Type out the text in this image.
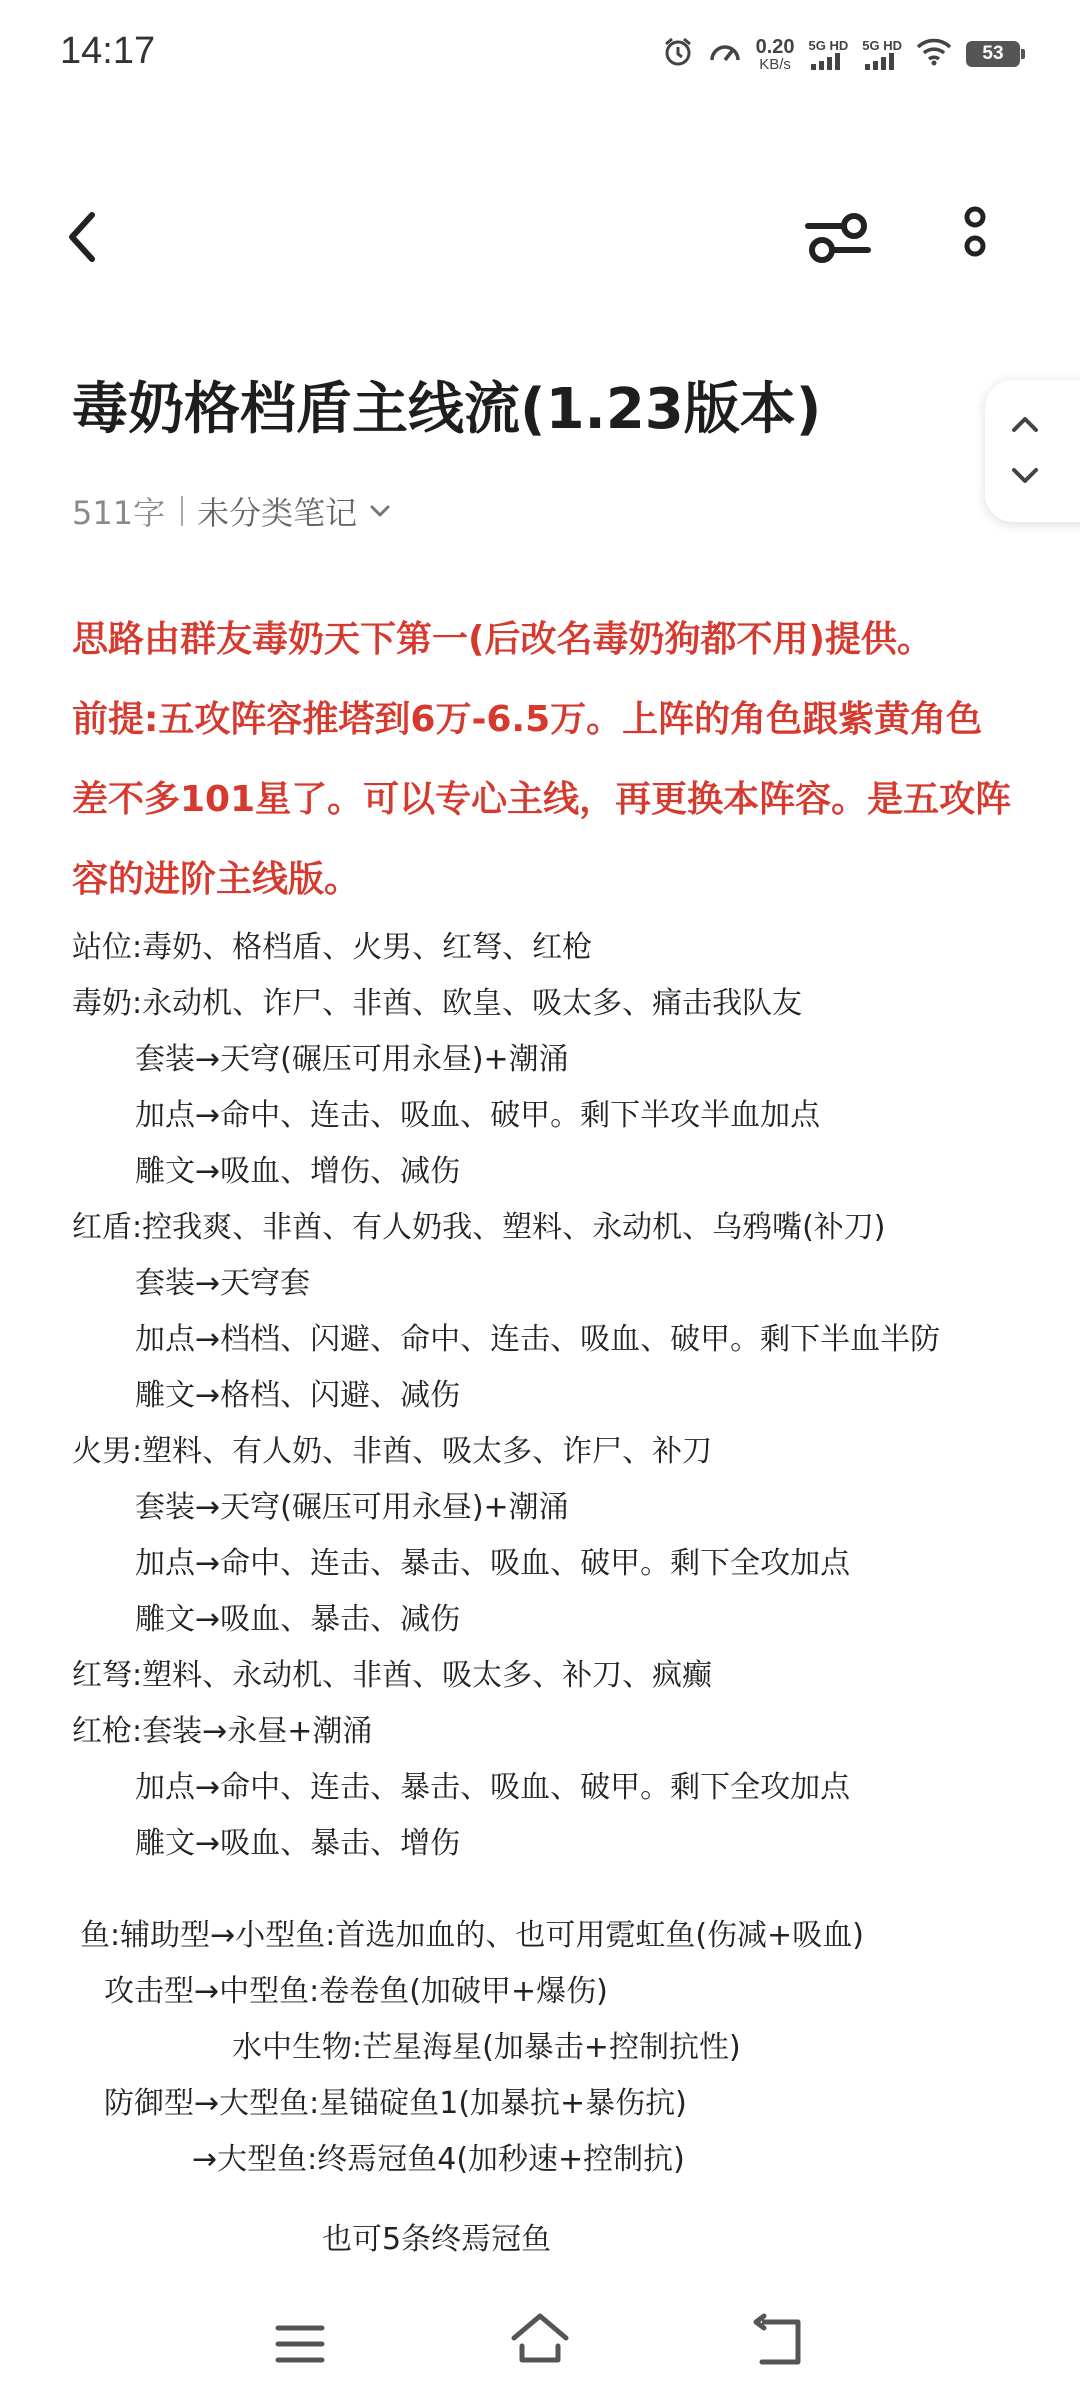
14:17	0.20
KB/s
5G HD 5G HD	53
毒奶格档盾主线流(1.23版本)
511字 未分类笔记
思路由群友毒奶天下第一(后改名毒奶狗都不用)提供。
前提:五攻阵容推塔到6万-6.5万。上阵的角色跟紫黄角色差不多101星了。可以专心主线，再更换本阵容。是五攻阵容的进阶主线版。
站位:毒奶、格档盾、火男、红弩、红枪
毒奶:永动机、诈尸、非酋、欧皇、吸太多、痛击我队友
套装→天穹(碾压可用永昼)+潮涌
加点→命中、连击、吸血、破甲。剩下半攻半血加点
雕文→吸血、增伤、减伤
红盾:控我爽、非酋、有人奶我、塑料、永动机、乌鸦嘴(补刀)
套装→天穹套
加点→档档、闪避、命中、连击、吸血、破甲。剩下半血半防
雕文→格档、闪避、减伤
火男:塑料、有人奶、非酋、吸太多、诈尸、补刀
套装→天穹(碾压可用永昼)+潮涌
加点→命中、连击、暴击、吸血、破甲。剩下全攻加点
雕文→吸血、暴击、减伤
红弩:塑料、永动机、非酋、吸太多、补刀、疯癫
红枪:套装→永昼+潮涌
加点→命中、连击、暴击、吸血、破甲。剩下全攻加点
雕文→吸血、暴击、增伤
鱼:辅助型→小型鱼:首选加血的、也可用霓虹鱼(伤减+吸血)
攻击型→中型鱼:卷卷鱼(加破甲+爆伤)
水中生物:芒星海星(加暴击+控制抗性)
防御型→大型鱼:星锚碇鱼1(加暴抗+暴伤抗)
→大型鱼:终焉冠鱼4(加秒速+控制抗)
也可5条终焉冠鱼
